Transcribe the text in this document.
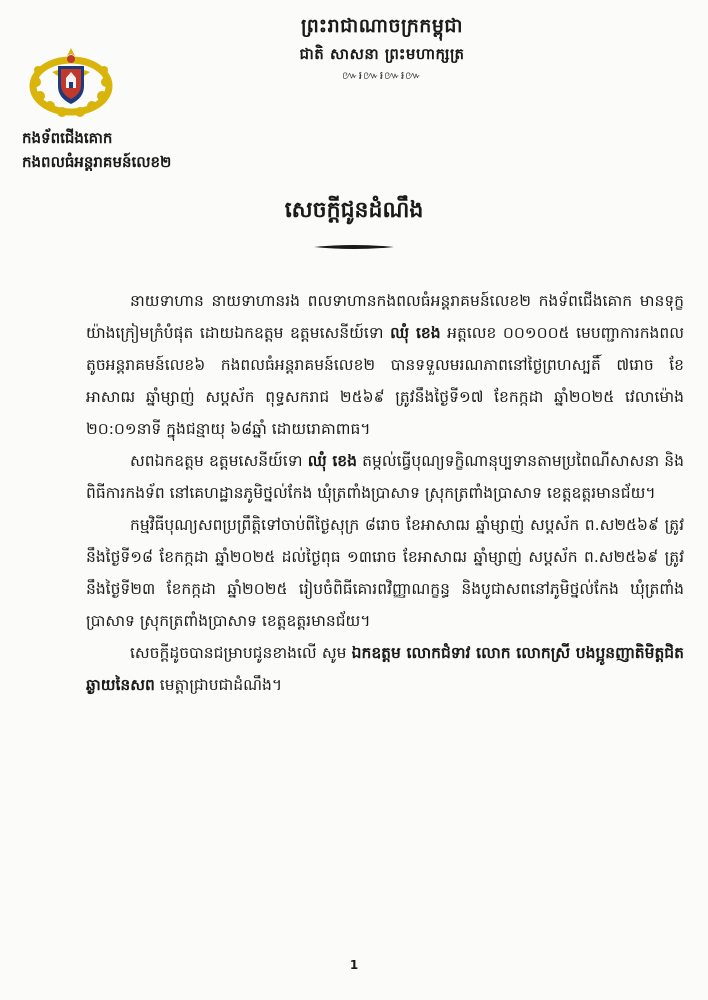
ព្រះរាជាណាចក្រកម្ពុជា
ជាតិ សាសនា ព្រះមហាក្សត្រ
៚៛៚៛៚៛៚
កងទ័ពជើងគោក
កងពលធំអន្តរាគមន៍លេខ២
សេចក្តីជូនដំណឹង

នាយទាហាន នាយទាហានរង ពលទាហានកងពលធំអន្តរាគមន៍លេខ២ កងទ័ពជើងគោក មានទុក្ខយ៉ាងក្រៀមក្រំបំផុត ដោយឯកឧត្តម ឧត្តមសេនីយ៍ទោ ឈុំ ខេង អត្តលេខ ០០១០០៥ មេបញ្ជាការកងពលតូចអន្តរាគមន៍លេខ៦ កងពលធំអន្តរាគមន៍លេខ២ បានទទួលមរណភាពនៅថ្ងៃព្រហស្បតិ៍ ៧រោច ខែអាសាឍ ឆ្នាំម្សាញ់ សប្តស័ក ពុទ្ធសករាជ ២៥៦៩ ត្រូវនឹងថ្ងៃទី១៧ ខែកក្កដា ឆ្នាំ២០២៥ វេលាម៉ោង ២០:០១នាទី ក្នុងជន្មាយុ ៦៨ឆ្នាំ ដោយរោគាពាធ។

សពឯកឧត្តម ឧត្តមសេនីយ៍ទោ ឈុំ ខេង តម្កល់ធ្វើបុណ្យទក្ខិណានុប្បទានតាមប្រពៃណីសាសនា និងពិធីការកងទ័ព នៅគេហដ្ឋានភូមិថ្នល់កែង ឃុំត្រពាំងប្រាសាទ ស្រុកត្រពាំងប្រាសាទ ខេត្តឧត្តរមានជ័យ។

កម្មវិធីបុណ្យសពប្រព្រឹត្តិទៅចាប់ពីថ្ងៃសុក្រ ៨រោច ខែអាសាឍ ឆ្នាំម្សាញ់ សប្តស័ក ព.ស២៥៦៩ ត្រូវនឹងថ្ងៃទី១៨ ខែកក្កដា ឆ្នាំ២០២៥ ដល់ថ្ងៃពុធ ១៣រោច ខែអាសាឍ ឆ្នាំម្សាញ់ សប្តស័ក ព.ស២៥៦៩ ត្រូវនឹងថ្ងៃទី២៣ ខែកក្កដា ឆ្នាំ២០២៥ រៀបចំពិធីគោរពវិញ្ញាណក្ខន្ធ និងបូជាសពនៅភូមិថ្នល់កែង ឃុំត្រពាំងប្រាសាទ ស្រុកត្រពាំងប្រាសាទ ខេត្តឧត្តរមានជ័យ។

សេចក្តីដូចបានជម្រាបជូនខាងលើ សូម ឯកឧត្តម លោកជំទាវ លោក លោកស្រី បងប្អូនញាតិមិត្តជិតឆ្ងាយនៃសព មេត្តាជ្រាបជាដំណឹង។

1
